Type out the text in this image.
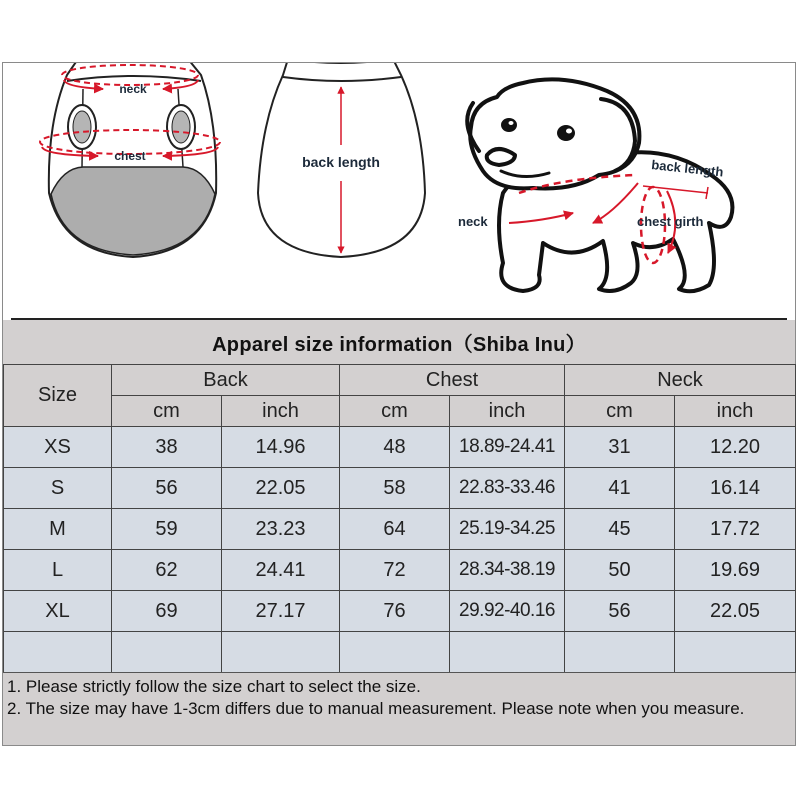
neck
chest	back length	back length
neck	chest girth
Apparel size information（Shiba Inu）
Size	Back		Chest		Neck	
	cm	inch	cm	inch	cm	inch
XS	38	14.96	48	18.89-24.41	31	12.20
S	56	22.05	58	22.83-33.46	41	16.14
M	59	23.23	64	25.19-34.25	45	17.72
L	62	24.41	72	28.34-38.19	50	19.69
XL	69	27.17	76	29.92-40.16	56	22.05

1. Please strictly follow the size chart to select the size.
2. The size may have 1-3cm differs due to manual measurement. Please note when you measure.
